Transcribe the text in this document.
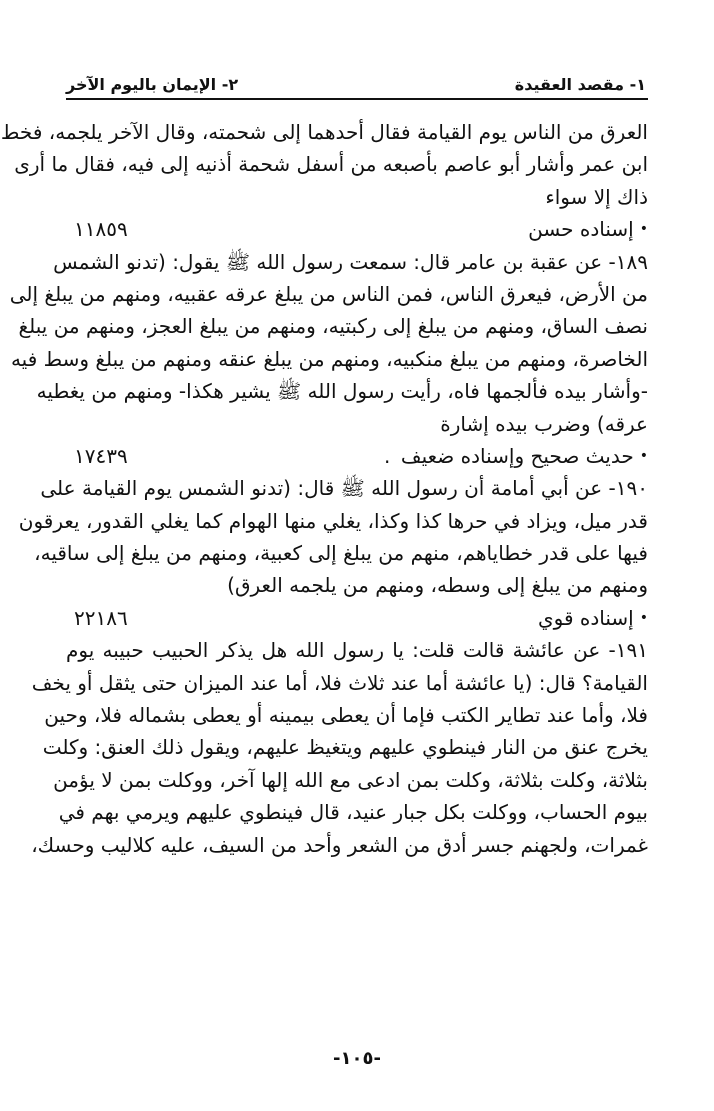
١- مقصد العقيدة
٢- الإيمان باليوم الآخر
العرق من الناس يوم القيامة فقال أحدهما إلى شحمته، وقال الآخر يلجمه، فخط
ابن عمر وأشار أبو عاصم بأصبعه من أسفل شحمة أذنيه إلى فيه، فقال ما أرى
ذاك إلا سواء
•
إسناده حسن
١١٨٥٩
١٨٩- عن عقبة بن عامر قال: سمعت رسول الله ﷺ يقول: (تدنو الشمس
من الأرض، فيعرق الناس، فمن الناس من يبلغ عرقه عقبيه، ومنهم من يبلغ إلى
نصف الساق، ومنهم من يبلغ إلى ركبتيه، ومنهم من يبلغ العجز، ومنهم من يبلغ
الخاصرة، ومنهم من يبلغ منكبيه، ومنهم من يبلغ عنقه ومنهم من يبلغ وسط فيه
-وأشار بيده فألجمها فاه، رأيت رسول الله ﷺ يشير هكذا- ومنهم من يغطيه
عرقه) وضرب بيده إشارة
•
حديث صحيح وإسناده ضعيف
.
١٧٤٣٩
١٩٠- عن أبي أمامة أن رسول الله ﷺ قال: (تدنو الشمس يوم القيامة على
قدر ميل، ويزاد في حرها كذا وكذا، يغلي منها الهوام كما يغلي القدور، يعرقون
فيها على قدر خطاياهم، منهم من يبلغ إلى كعبية، ومنهم من يبلغ إلى ساقيه،
ومنهم من يبلغ إلى وسطه، ومنهم من يلجمه العرق)
•
إسناده قوي
٢٢١٨٦
١٩١- عن عائشة قالت قلت: يا رسول الله هل يذكر الحبيب حبيبه يوم
القيامة؟ قال: (يا عائشة أما عند ثلاث فلا، أما عند الميزان حتى يثقل أو يخف
فلا، وأما عند تطاير الكتب فإما أن يعطى بيمينه أو يعطى بشماله فلا، وحين
يخرج عنق من النار فينطوي عليهم ويتغيظ عليهم، ويقول ذلك العنق: وكلت
بثلاثة، وكلت بثلاثة، وكلت بمن ادعى مع الله إلها آخر، ووكلت بمن لا يؤمن
بيوم الحساب، ووكلت بكل جبار عنيد، قال فينطوي عليهم ويرمي بهم في
غمرات، ولجهنم جسر أدق من الشعر وأحد من السيف، عليه كلاليب وحسك،
-١٠٥-
